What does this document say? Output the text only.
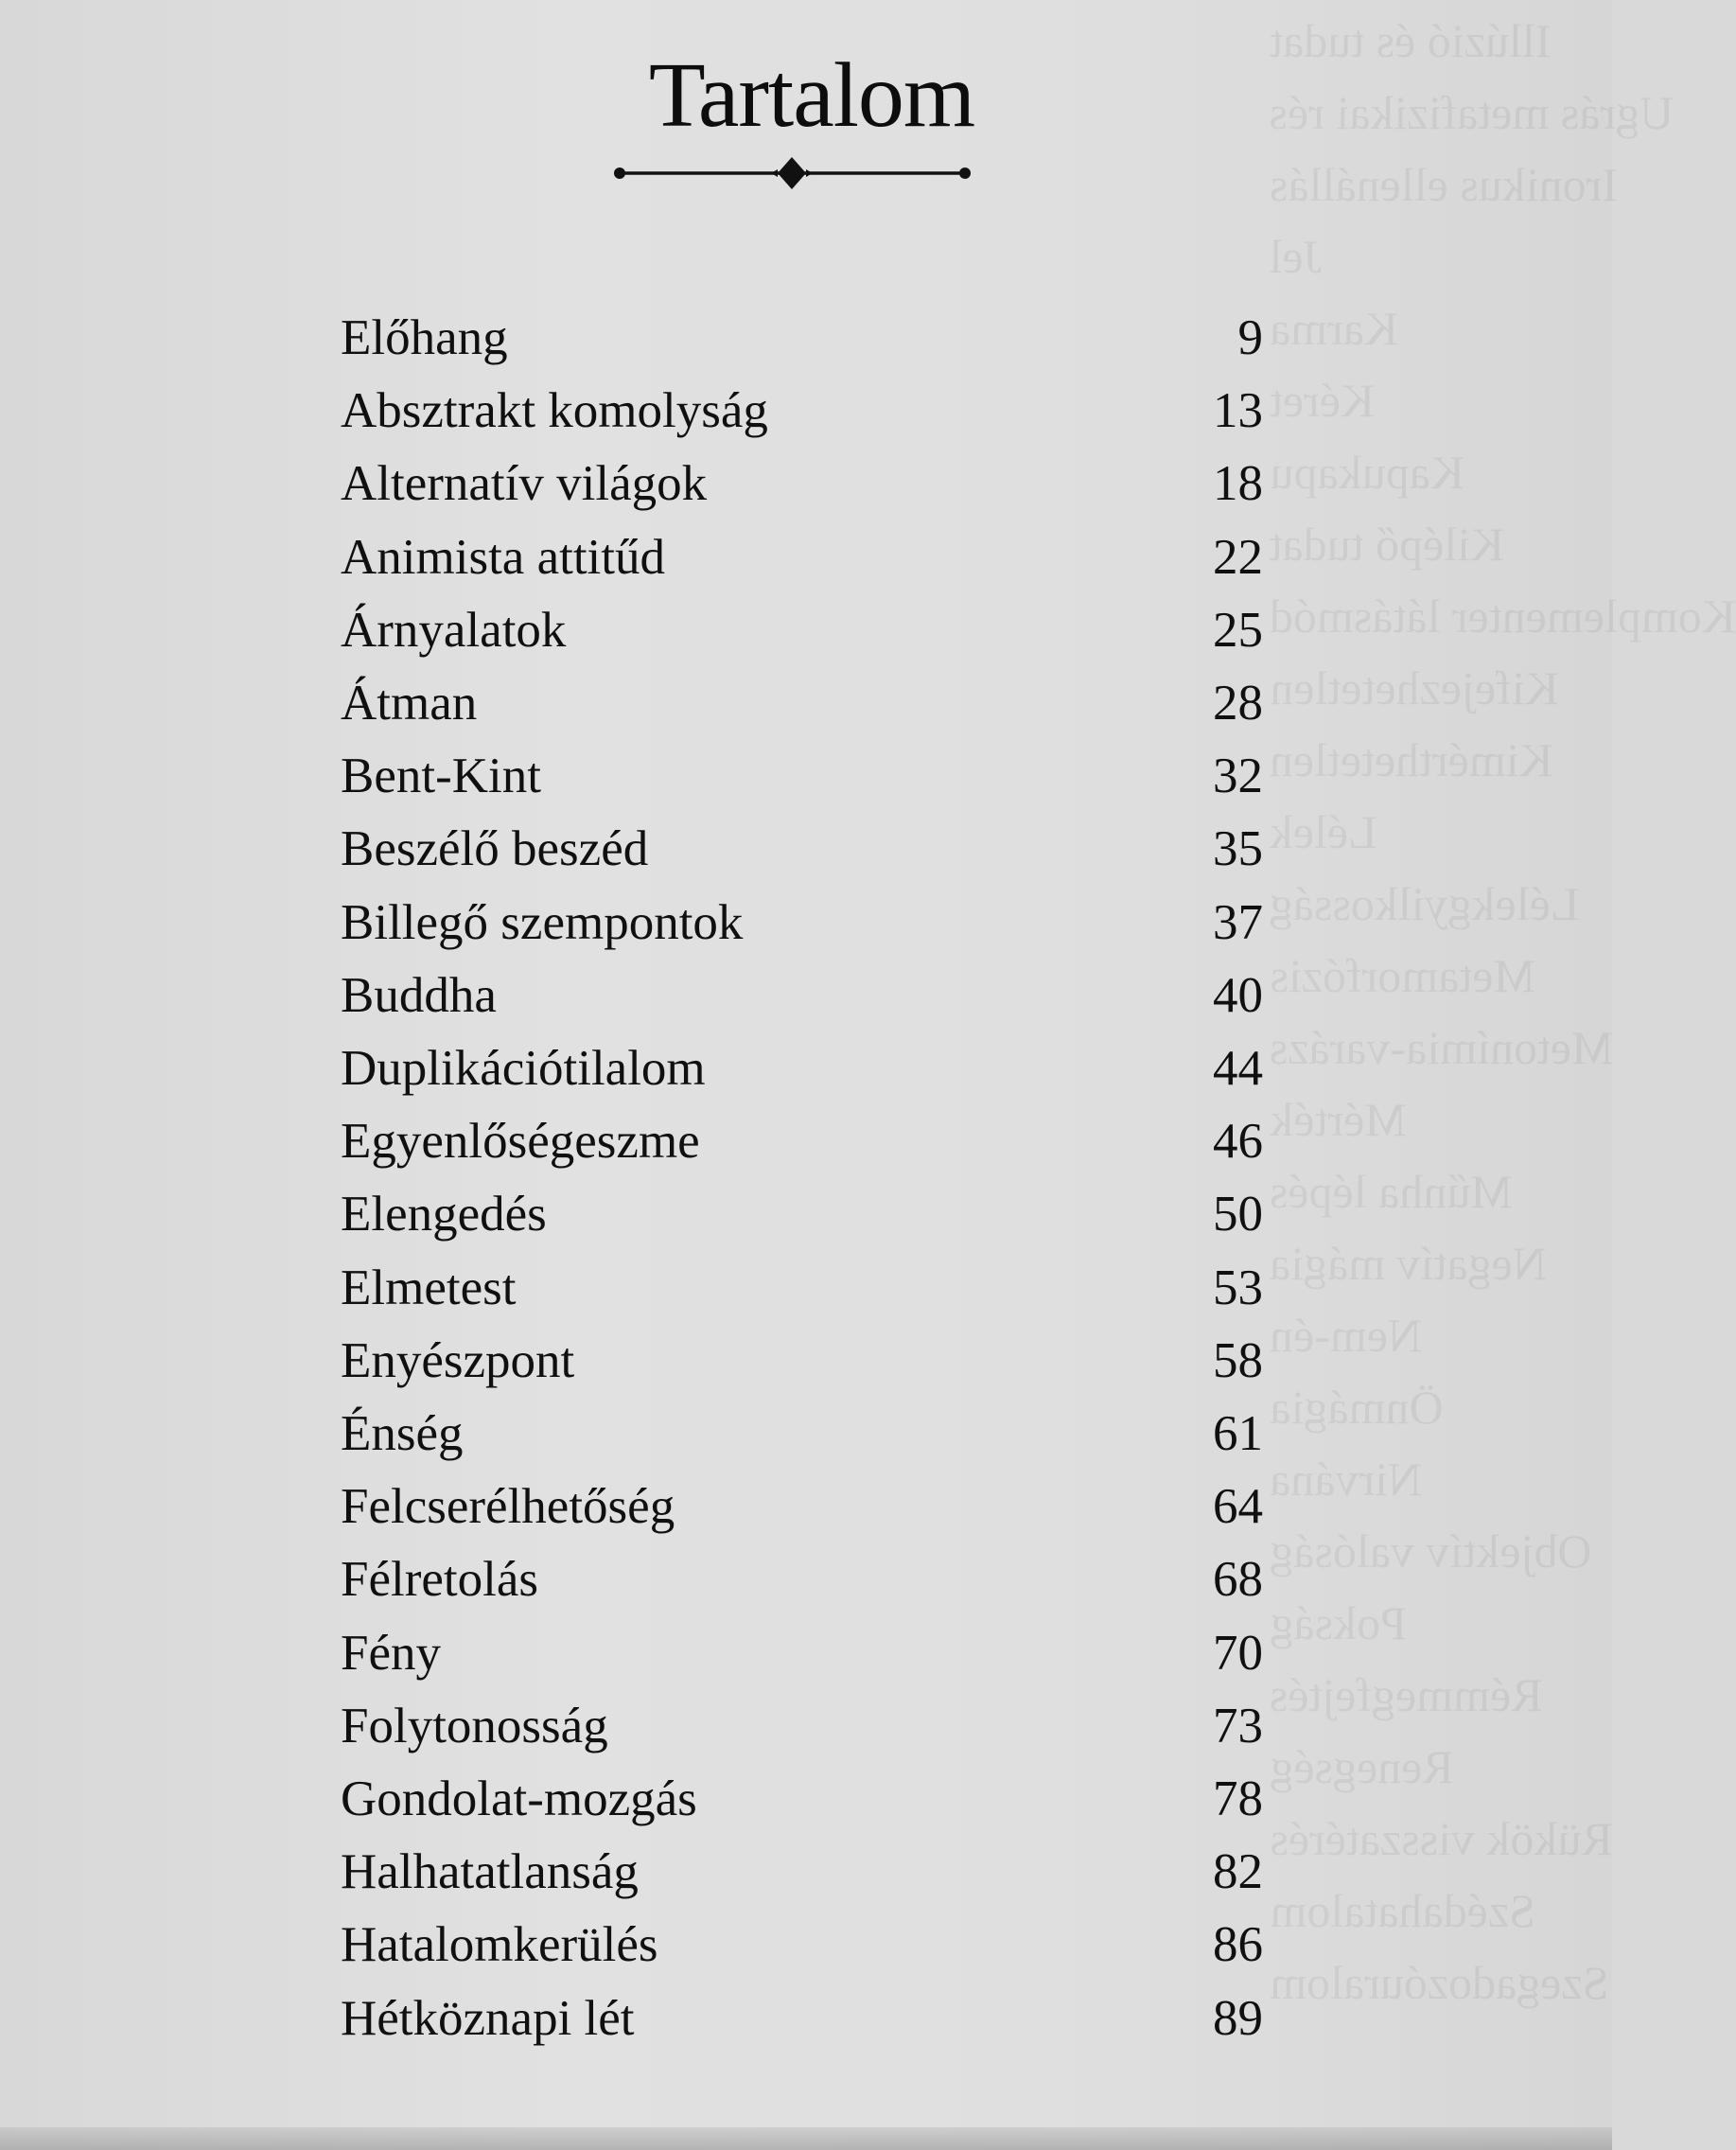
Illúzió és tudat
Ugrás metafizikai rés
Ironikus ellenállás
Jel
Karma
Kéret
Kapukapu
Kilépő tudat
Komplementer látásmód
Kifejezhetetlen
Kimérthetetlen
Lélek
Lélekgyilkosság
Metamorfózis
Metonímia-varázs
Mérték
Műnha lépés
Negatív mágia
Nem-én
Önmágia
Nirvána
Objektív valóság
Pokság
Rémmegfejtés
Renegség
Rükök visszatérés
Szédahatalom
Szegadozóuralom
Tartalom
Előhang	9
Absztrakt komolyság	13
Alternatív világok	18
Animista attitűd	22
Árnyalatok	25
Átman	28
Bent-Kint	32
Beszélő beszéd	35
Billegő szempontok	37
Buddha	40
Duplikációtilalom	44
Egyenlőségeszme	46
Elengedés	50
Elmetest	53
Enyészpont	58
Énség	61
Felcserélhetőség	64
Félretolás	68
Fény	70
Folytonosság	73
Gondolat-mozgás	78
Halhatatlanság	82
Hatalomkerülés	86
Hétköznapi lét	89
